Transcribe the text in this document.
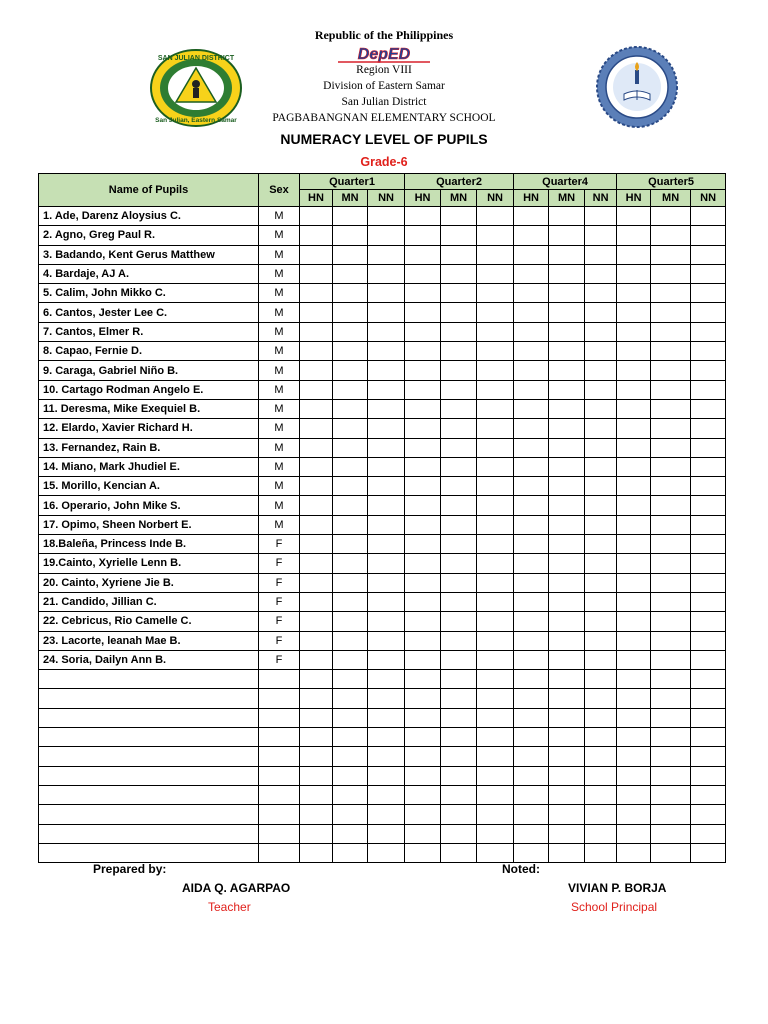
Republic of the Philippines
DepED
Region VIII
Division of Eastern Samar
San Julian District
PAGBABANGNAN ELEMENTARY SCHOOL
SAN JULIAN DISTRICT
San Julian, Eastern Samar
NUMERACY LEVEL OF PUPILS
Grade-6
Name of Pupils	Sex	Quarter1			Quarter2			Quarter4			Quarter5		
		HN	MN	NN	HN	MN	NN	HN	MN	NN	HN	MN	NN
1. Ade, Darenz Aloysius C.	M												
2. Agno, Greg Paul R.	M												
3. Badando, Kent Gerus Matthew	M												
4. Bardaje, AJ A.	M												
5. Calim, John Mikko C.	M												
6. Cantos, Jester Lee C.	M												
7. Cantos, Elmer R.	M												
8. Capao, Fernie D.	M												
9. Caraga, Gabriel Niño B.	M												
10. Cartago Rodman Angelo E.	M												
11. Deresma, Mike Exequiel B.	M												
12. Elardo, Xavier Richard H.	M												
13. Fernandez, Rain B.	M												
14. Miano, Mark Jhudiel E.	M												
15. Morillo, Kencian A.	M												
16. Operario, John Mike S.	M												
17. Opimo, Sheen Norbert E.	M												
18.Baleña, Princess Inde B.	F												
19.Cainto, Xyrielle Lenn B.	F												
20. Cainto, Xyriene Jie B.	F												
21. Candido, Jillian C.	F												
22. Cebricus, Rio Camelle C.	F												
23. Lacorte, leanah Mae B.	F												
24. Soria, Dailyn Ann B.	F												

Prepared by:	Noted:
AIDA Q. AGARPAO
Teacher
VIVIAN P. BORJA
School Principal
